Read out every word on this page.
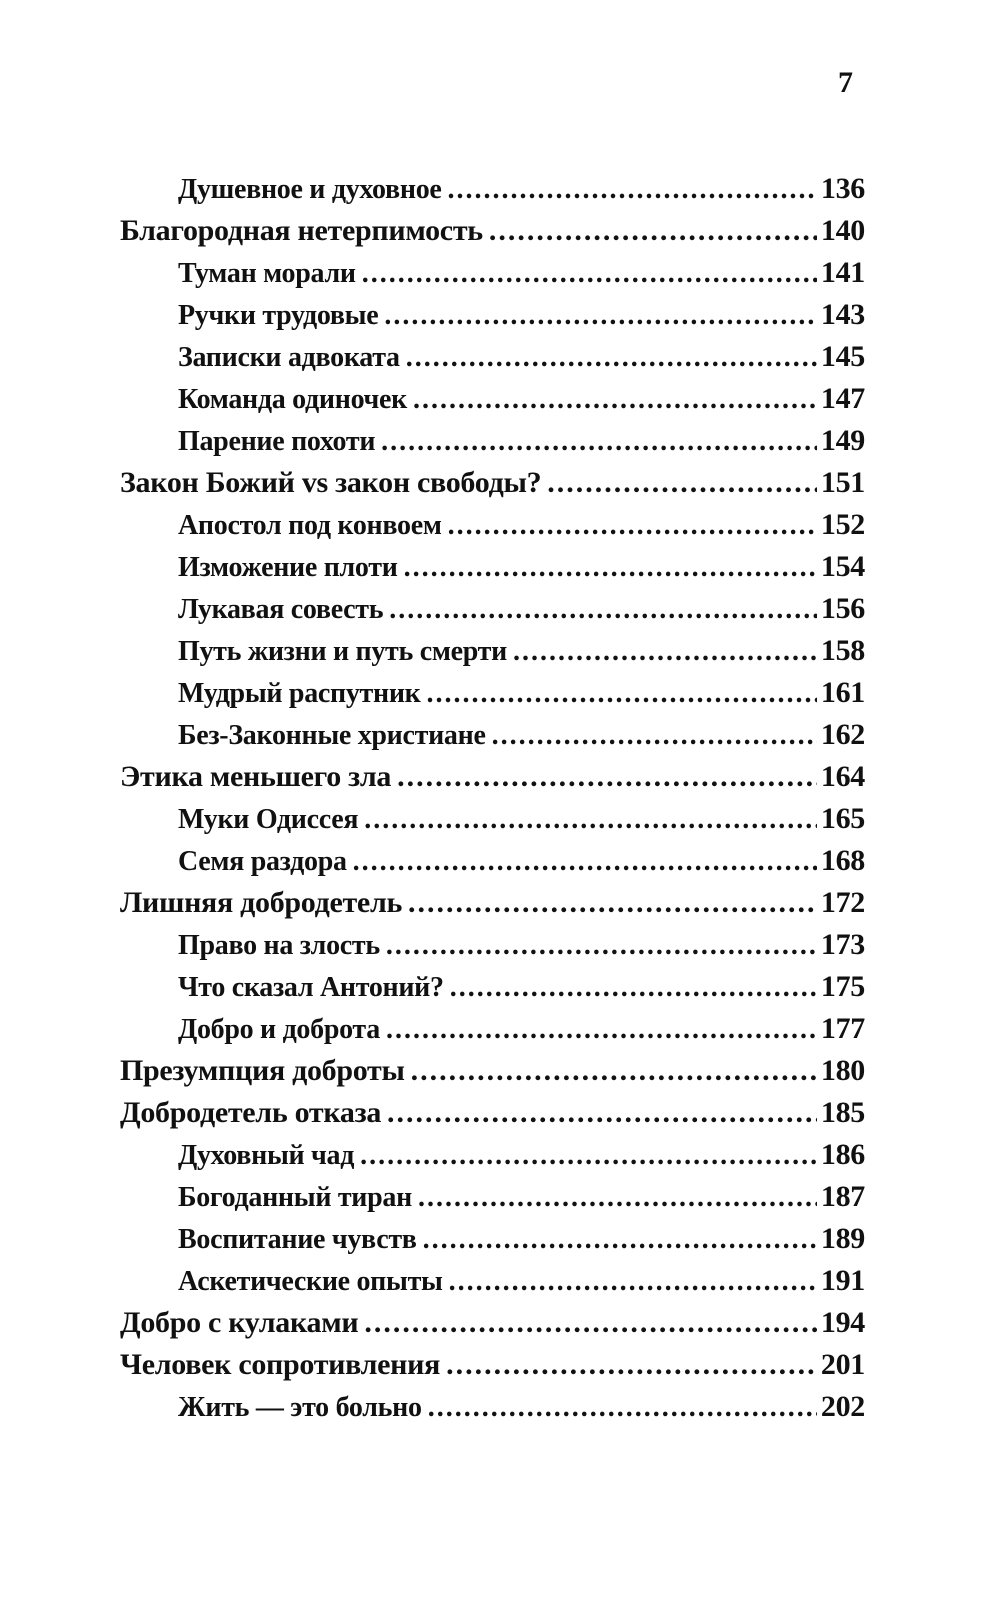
7
Душевное и духовное .....	136
Благородная нетерпимость .....	140
Туман морали .....	141
Ручки трудовые .....	143
Записки адвоката .....	145
Команда одиночек .....	147
Парение похоти .....	149
Закон Божий vs закон свободы? .....	151
Апостол под конвоем .....	152
Изможение плоти .....	154
Лукавая совесть .....	156
Путь жизни и путь смерти .....	158
Мудрый распутник .....	161
Без-Законные христиане .....	162
Этика меньшего зла .....	164
Муки Одиссея .....	165
Семя раздора .....	168
Лишняя добродетель .....	172
Право на злость .....	173
Что сказал Антоний? .....	175
Добро и доброта .....	177
Презумпция доброты .....	180
Добродетель отказа .....	185
Духовный чад .....	186
Богоданный тиран .....	187
Воспитание чувств .....	189
Аскетические опыты .....	191
Добро с кулаками .....	194
Человек сопротивления .....	201
Жить — это больно .....	202
